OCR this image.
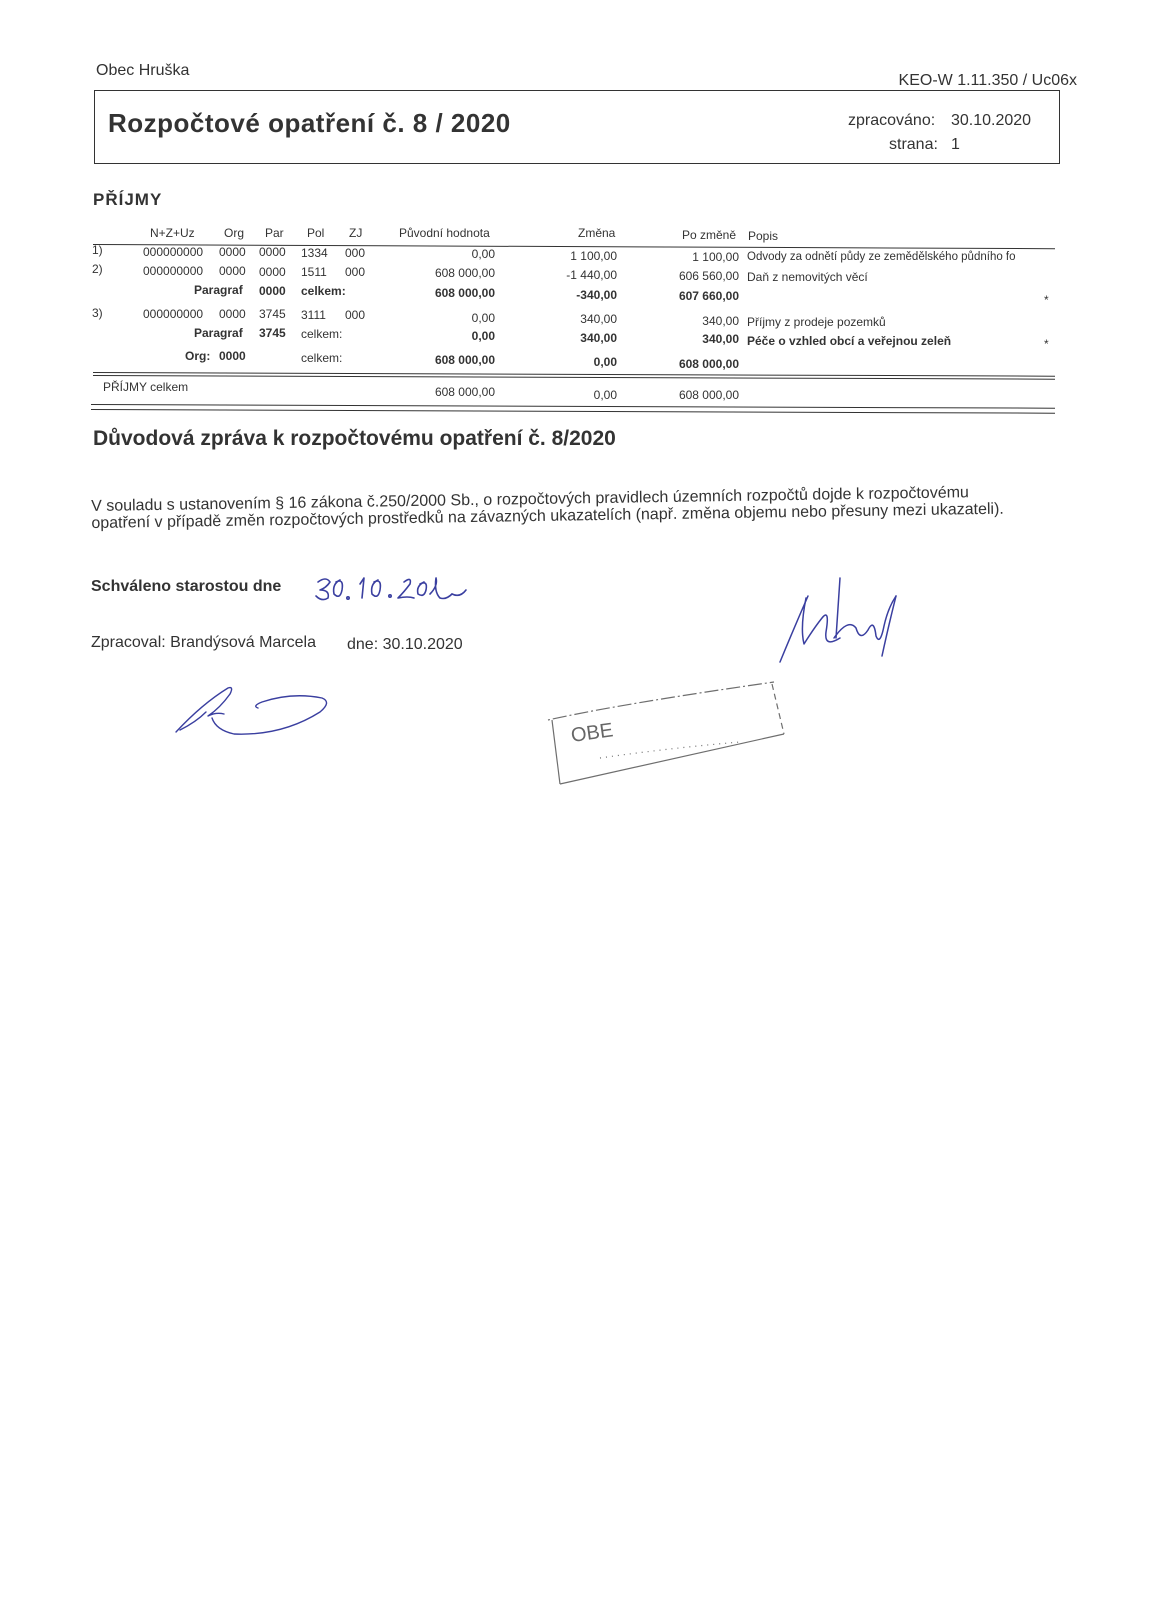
Obec Hruška
KEO-W 1.11.350 / Uc06x
Rozpočtové opatření č. 8 / 2020	zpracováno: 30.10.2020
strana: 1
PŘÍJMY
N+Z+Uz Org Par Pol ZJ	Původní hodnota	Změna	Po změně Popis
1)	000000000 0000 0000 1334 000	0,00	1 100,00	1 100,00 Odvody za odnětí půdy ze zemědělského půdního fo
2)	000000000 0000 0000 1511 000	608 000,00	-1 440,00	606 560,00 Daň z nemovitých věcí
Paragraf 0000 celkem:	608 000,00	-340,00	607 660,00	*
3)	000000000 0000 3745 3111 000	0,00	340,00	340,00 Příjmy z prodeje pozemků
Paragraf 3745 celkem:	0,00	340,00	340,00 Péče o vzhled obcí a veřejnou zeleň	*
Org: 0000	celkem:	608 000,00	0,00	608 000,00
PŘÍJMY celkem	608 000,00	0,00	608 000,00
Důvodová zpráva k rozpočtovému opatření č. 8/2020
V souladu s ustanovením § 16 zákona č.250/2000 Sb., o rozpočtových pravidlech územních rozpočtů dojde k rozpočtovému opatření v případě změn rozpočtových prostředků na závazných ukazatelích (např. změna objemu nebo přesuny mezi ukazateli).
Schváleno starostou dne
Zpracoval: Brandýsová Marcela dne: 30.10.2020
OBE
